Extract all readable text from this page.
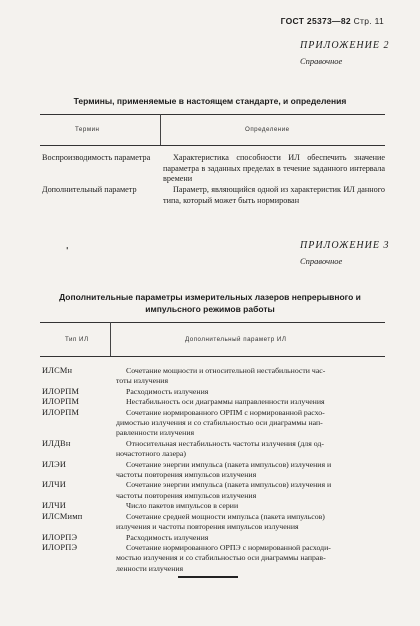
ГОСТ 25373—82 Стр. 11
ПРИЛОЖЕНИЕ 2
Справочное
Термины, применяемые в настоящем стандарте, и определения
Термин	Определение
Воспроизводимость параметра	Характеристика способности ИЛ обеспечить значение параметра в заданных пределах в течение заданного интервала времени
Дополнительный параметр	Параметр, являющийся одной из характеристик ИЛ данного типа, который может быть нормирован
'	ПРИЛОЖЕНИЕ 3
Справочное
Дополнительные параметры измерительных лазеров непрерывного и
импульсного режимов работы
Тип ИЛ	Дополнительный параметр ИЛ
ИЛСМн	Сочетание мощности и относительной нестабильности час-
тоты излучения
ИЛОРПМ	Расходимость излучения
ИЛОРПМ	Нестабильность оси диаграммы направленности излучения
ИЛОРПМ	Сочетание нормированного ОРПМ с нормированной расхо-
димостью излучения и со стабильностью оси диаграммы нап-
равленности излучения
ИЛДВн	Относительная нестабильность частоты излучения (для од-
ночастотного лазера)
ИЛЭИ	Сочетание энергии импульса (пакета импульсов) излучения и
частоты повторения импульсов излучения
ИЛЧИ	Сочетание энергии импульса (пакета импульсов) излучения и
частоты повторения импульсов излучения
ИЛЧИ	Число пакетов импульсов в серии
ИЛСМимп	Сочетание средней мощности импульса (пакета импульсов)
излучения и частоты повторения импульсов излучения
ИЛОРПЭ	Расходимость излучения
ИЛОРПЭ	Сочетание нормированного ОРПЭ с нормированной расходи-
мостью излучения и со стабильностью оси диаграммы направ-
ленности излучения
